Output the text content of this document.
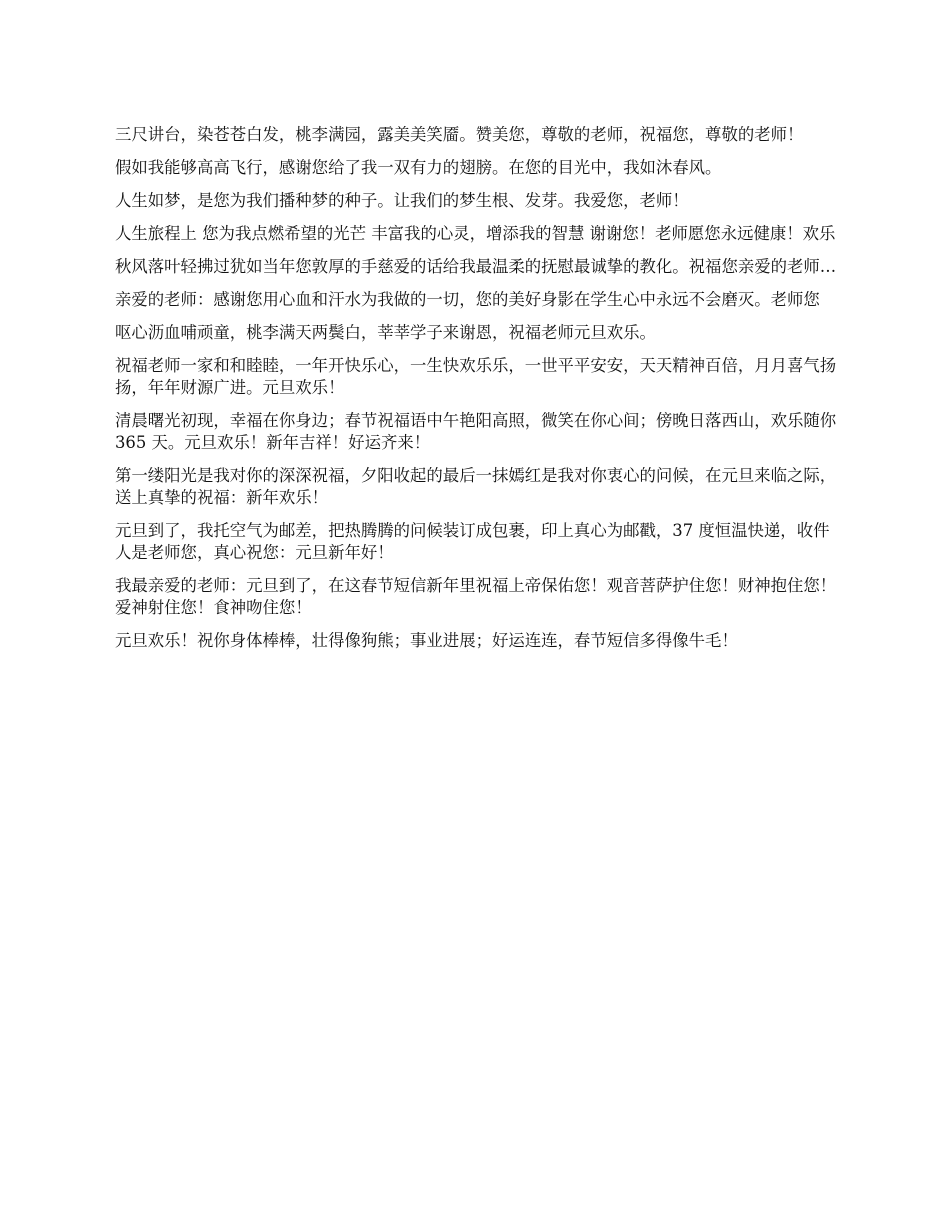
三尺讲台，染苍苍白发，桃李满园，露美美笑靥。赞美您，尊敬的老师，祝福您，尊敬的老师！

假如我能够高高飞行，感谢您给了我一双有力的翅膀。在您的目光中，我如沐春风。

人生如梦，是您为我们播种梦的种子。让我们的梦生根、发芽。我爱您，老师！

人生旅程上 您为我点燃希望的光芒 丰富我的心灵，增添我的智慧 谢谢您！老师愿您永远健康！欢乐

秋风落叶轻拂过犹如当年您敦厚的手慈爱的话给我最温柔的抚慰最诚挚的教化。祝福您亲爱的老师…

亲爱的老师：感谢您用心血和汗水为我做的一切，您的美好身影在学生心中永远不会磨灭。老师您

呕心沥血哺顽童，桃李满天两鬓白，莘莘学子来谢恩，祝福老师元旦欢乐。

祝福老师一家和和睦睦，一年开快乐心，一生快欢乐乐，一世平平安安，天天精神百倍，月月喜气扬扬，年年财源广进。元旦欢乐！

清晨曙光初现，幸福在你身边；春节祝福语中午艳阳高照，微笑在你心间；傍晚日落西山，欢乐随你 365 天。元旦欢乐！新年吉祥！好运齐来！

第一缕阳光是我对你的深深祝福，夕阳收起的最后一抹嫣红是我对你衷心的问候，在元旦来临之际，送上真挚的祝福：新年欢乐！

元旦到了，我托空气为邮差，把热腾腾的问候装订成包裹，印上真心为邮戳，37 度恒温快递，收件人是老师您，真心祝您：元旦新年好！

我最亲爱的老师：元旦到了，在这春节短信新年里祝福上帝保佑您！观音菩萨护住您！财神抱住您！爱神射住您！食神吻住您！

元旦欢乐！祝你身体棒棒，壮得像狗熊；事业进展；好运连连，春节短信多得像牛毛！
